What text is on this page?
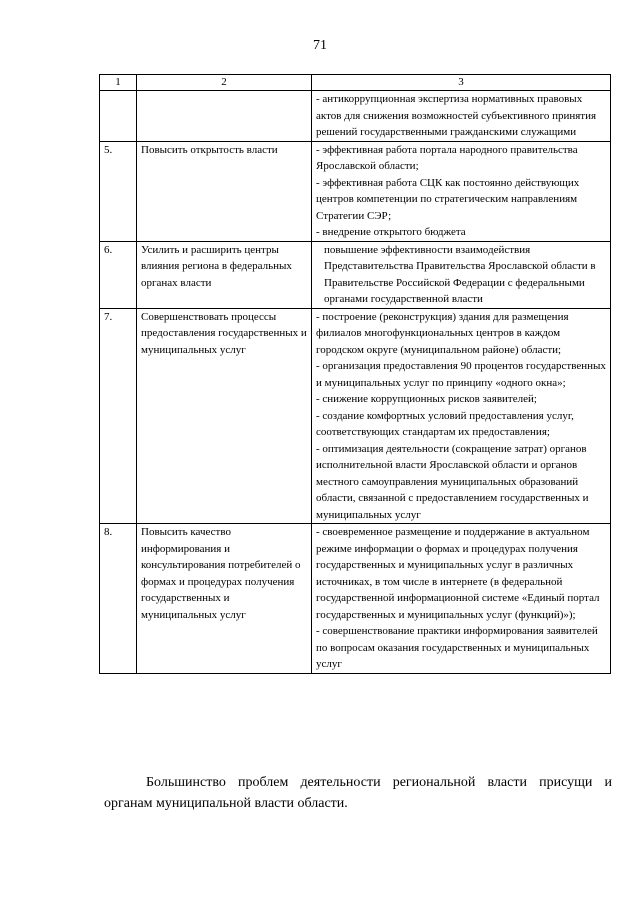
71
1	2	3

		- антикоррупционная экспертиза нормативных правовых актов для снижения возможностей субъективного принятия решений государственными гражданскими служащими

5.	Повысить открытость власти	- эффективная работа портала народного правительства Ярославской области;
- эффективная работа СЦК как постоянно действующих центров компетенции по стратегическим направлениям Стратегии СЭР;
- внедрение открытого бюджета

6.	Усилить и расширить центры влияния региона в федеральных органах власти	повышение эффективности взаимодействия Представительства Правительства Ярославской области в Правительстве Российской Федерации с федеральными органами государственной власти

7.	Совершенствовать процессы предоставления государственных и муниципальных услуг	- построение (реконструкция) здания для размещения филиалов многофункциональных центров в каждом городском округе (муниципальном районе) области;
- организация предоставления 90 процентов государственных и муниципальных услуг по принципу «одного окна»;
- снижение коррупционных рисков заявителей;
- создание комфортных условий предоставления услуг, соответствующих стандартам их предоставления;
- оптимизация деятельности (сокращение затрат) органов исполнительной власти Ярославской области и органов местного самоуправления муниципальных образований области, связанной с предоставлением государственных и муниципальных услуг

8.	Повысить качество информирования и консультирования потребителей о формах и процедурах получения государственных и муниципальных услуг	- своевременное размещение и поддержание в актуальном режиме информации о формах и процедурах получения государственных и муниципальных услуг в различных источниках, в том числе в интернете (в федеральной государственной информационной системе «Единый портал государственных и муниципальных услуг (функций)»);
- совершенствование практики информирования заявителей по вопросам оказания государственных и муниципальных услуг

Большинство проблем деятельности региональной власти присущи и органам муниципальной власти области.
